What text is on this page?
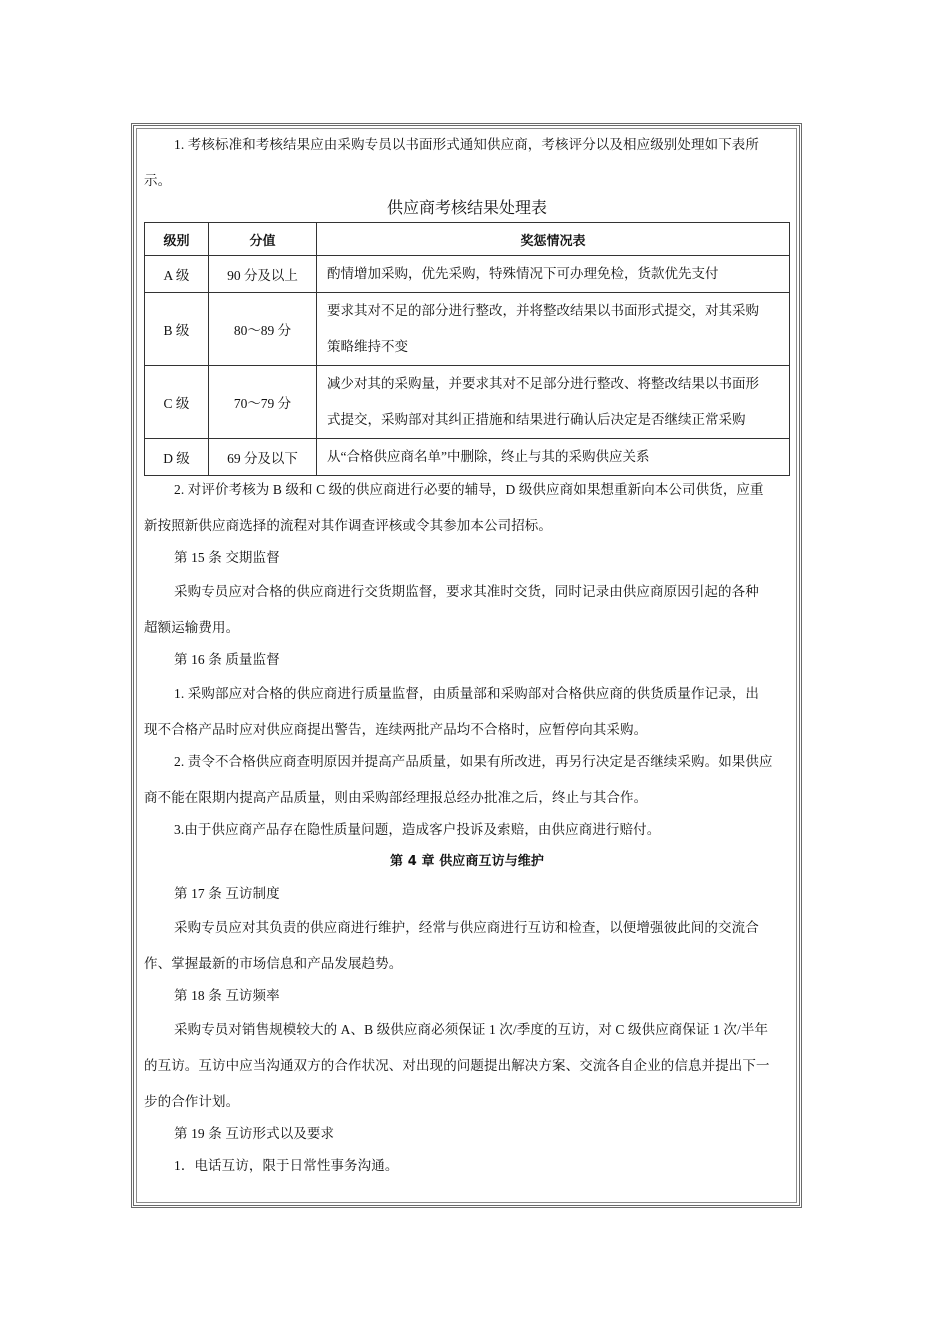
1. 考核标准和考核结果应由采购专员以书面形式通知供应商，考核评分以及相应级别处理如下表所

示。

供应商考核结果处理表
级别	分值	奖惩情况表
A 级	90 分及以上	酌情增加采购，优先采购，特殊情况下可办理免检，货款优先支付
B 级	80～89 分	要求其对不足的部分进行整改，并将整改结果以书面形式提交，对其采购
策略维持不变

C 级	70～79 分	减少对其的采购量，并要求其对不足部分进行整改、将整改结果以书面形
式提交，采购部对其纠正措施和结果进行确认后决定是否继续正常采购

D 级	69 分及以下	从“合格供应商名单”中删除，终止与其的采购供应关系

2. 对评价考核为 B 级和 C 级的供应商进行必要的辅导，D 级供应商如果想重新向本公司供货，应重

新按照新供应商选择的流程对其作调查评核或令其参加本公司招标。

第 15 条 交期监督

采购专员应对合格的供应商进行交货期监督，要求其准时交货，同时记录由供应商原因引起的各种

超额运输费用。

第 16 条 质量监督

1. 采购部应对合格的供应商进行质量监督，由质量部和采购部对合格供应商的供货质量作记录，出

现不合格产品时应对供应商提出警告，连续两批产品均不合格时，应暂停向其采购。

2. 责令不合格供应商查明原因并提高产品质量，如果有所改进，再另行决定是否继续采购。如果供应

商不能在限期内提高产品质量，则由采购部经理报总经办批准之后，终止与其合作。

3.由于供应商产品存在隐性质量问题，造成客户投诉及索赔，由供应商进行赔付。

第 4 章 供应商互访与维护

第 17 条 互访制度

采购专员应对其负责的供应商进行维护，经常与供应商进行互访和检查，以便增强彼此间的交流合

作、掌握最新的市场信息和产品发展趋势。

第 18 条 互访频率

采购专员对销售规模较大的 A、B 级供应商必须保证 1 次/季度的互访，对 C 级供应商保证 1 次/半年

的互访。互访中应当沟通双方的合作状况、对出现的问题提出解决方案、交流各自企业的信息并提出下一

步的合作计划。

第 19 条 互访形式以及要求

1．电话互访，限于日常性事务沟通。
